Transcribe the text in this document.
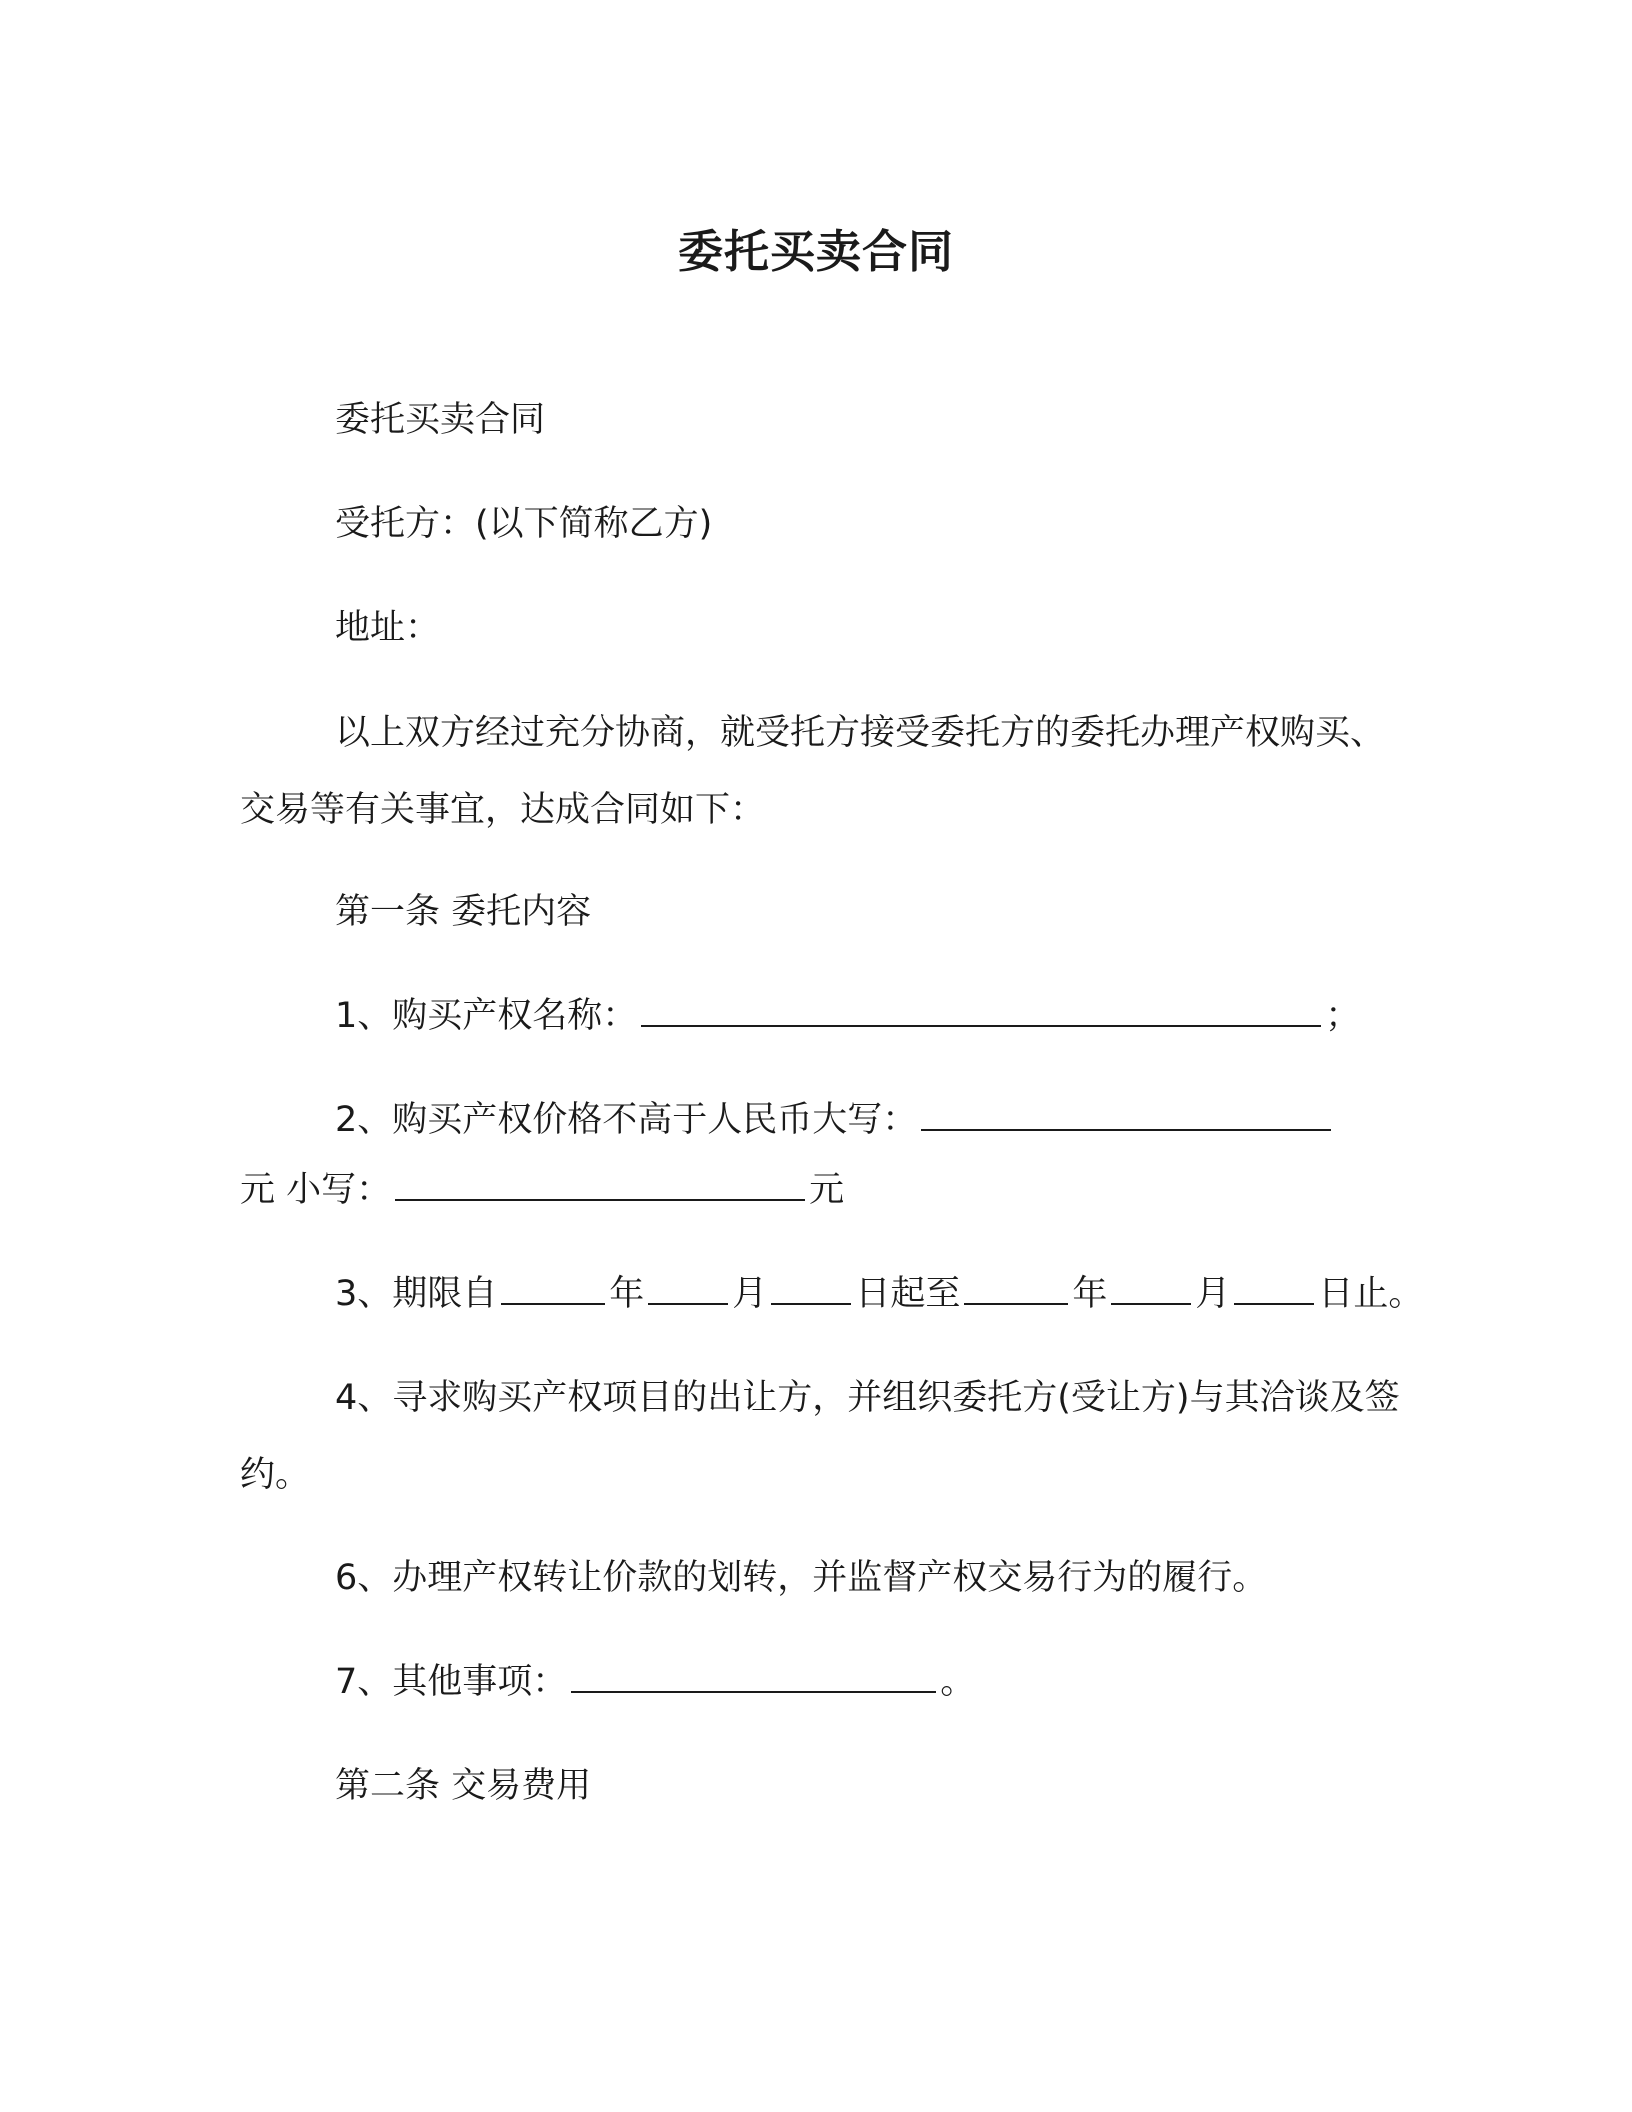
委托买卖合同
委托买卖合同
受托方：(以下简称乙方)
地址：
以上双方经过充分协商，就受托方接受委托方的委托办理产权购买、交易等有关事宜，达成合同如下：
第一条 委托内容
1、购买产权名称：	；
2、购买产权价格不高于人民币大写：
元 小写：	元
3、期限自	年	月	日起至	年	月	日止。
4、寻求购买产权项目的出让方，并组织委托方(受让方)与其洽谈及签约。
6、办理产权转让价款的划转，并监督产权交易行为的履行。
7、其他事项：	。
第二条 交易费用
